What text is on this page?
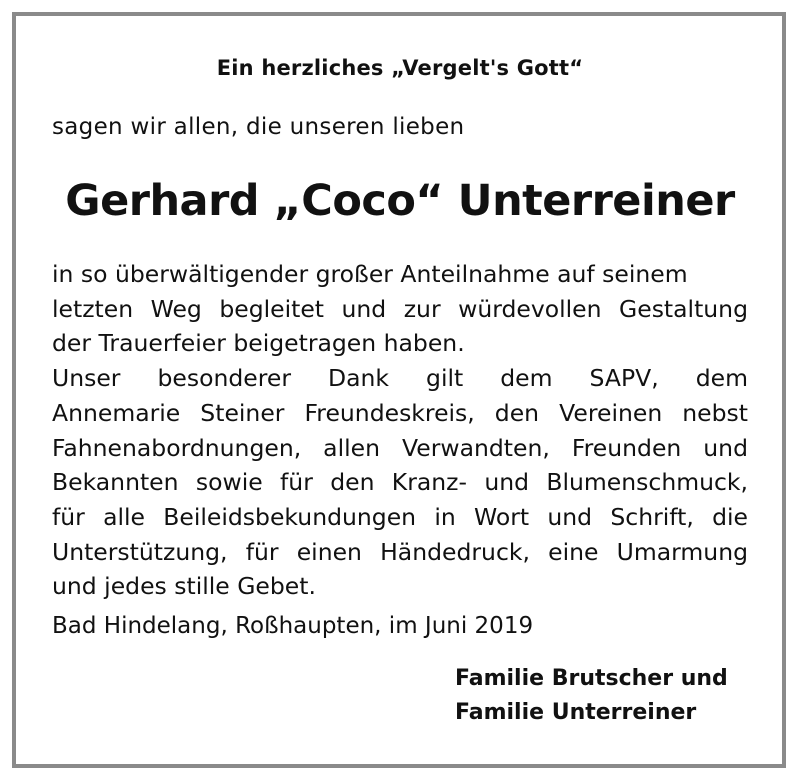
Ein herzliches „Vergelt's Gott“
sagen wir allen, die unseren lieben
Gerhard „Coco“ Unterreiner
in so überwältigender großer Anteilnahme auf seinem
letzten Weg begleitet und zur würdevollen Gestaltung
der Trauerfeier beigetragen haben.
Unser besonderer Dank gilt dem SAPV, dem
Annemarie Steiner Freundeskreis, den Vereinen nebst
Fahnenabordnungen, allen Verwandten, Freunden und
Bekannten sowie für den Kranz- und Blumenschmuck,
für alle Beileidsbekundungen in Wort und Schrift, die
Unterstützung, für einen Händedruck, eine Umarmung
und jedes stille Gebet.
Bad Hindelang, Roßhaupten, im Juni 2019
Familie Brutscher und
Familie Unterreiner
